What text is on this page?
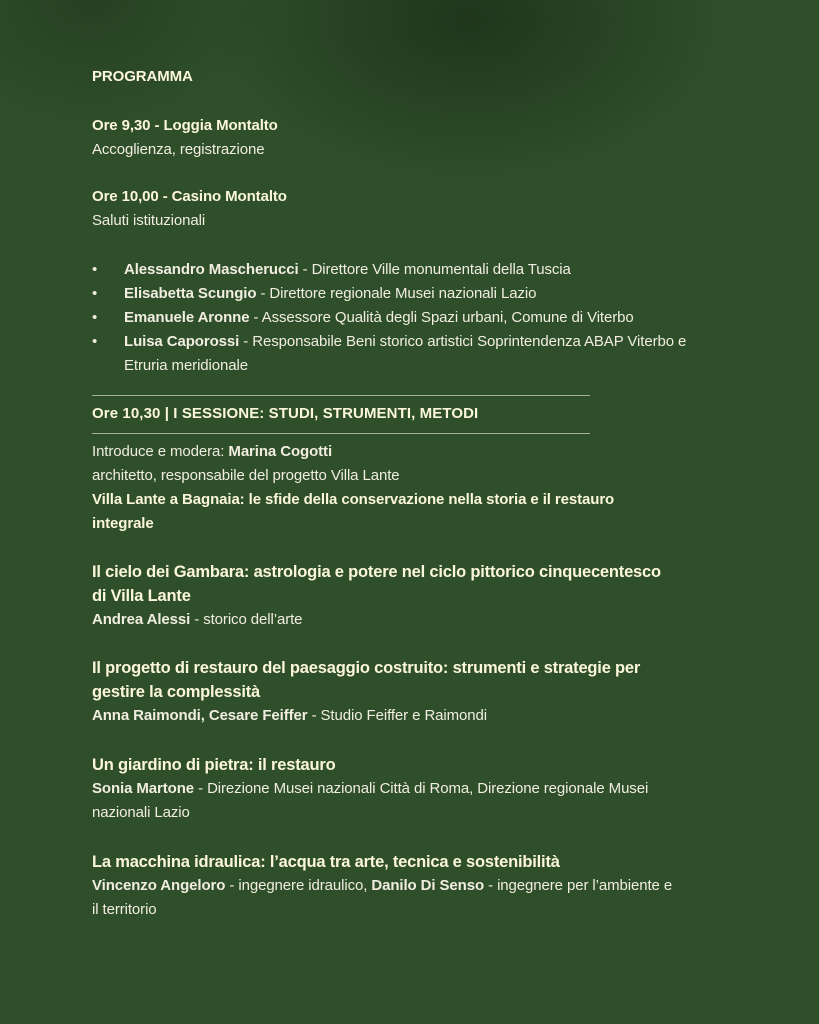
PROGRAMMA
Ore 9,30 - Loggia Montalto
Accoglienza, registrazione
Ore 10,00 - Casino Montalto
Saluti istituzionali
• Alessandro Mascherucci - Direttore Ville monumentali della Tuscia
• Elisabetta Scungio - Direttore regionale Musei nazionali Lazio
• Emanuele Aronne - Assessore Qualità degli Spazi urbani, Comune di Viterbo
• Luisa Caporossi - Responsabile Beni storico artistici Soprintendenza ABAP Viterbo e
Etruria meridionale
Ore 10,30 | I SESSIONE: STUDI, STRUMENTI, METODI
Introduce e modera: Marina Cogotti
architetto, responsabile del progetto Villa Lante
Villa Lante a Bagnaia: le sfide della conservazione nella storia e il restauro
integrale
Il cielo dei Gambara: astrologia e potere nel ciclo pittorico cinquecentesco
di Villa Lante
Andrea Alessi - storico dell’arte
Il progetto di restauro del paesaggio costruito: strumenti e strategie per
gestire la complessità
Anna Raimondi, Cesare Feiffer - Studio Feiffer e Raimondi
Un giardino di pietra: il restauro
Sonia Martone - Direzione Musei nazionali Città di Roma, Direzione regionale Musei
nazionali Lazio
La macchina idraulica: l’acqua tra arte, tecnica e sostenibilità
Vincenzo Angeloro - ingegnere idraulico, Danilo Di Senso - ingegnere per l’ambiente e
il territorio
